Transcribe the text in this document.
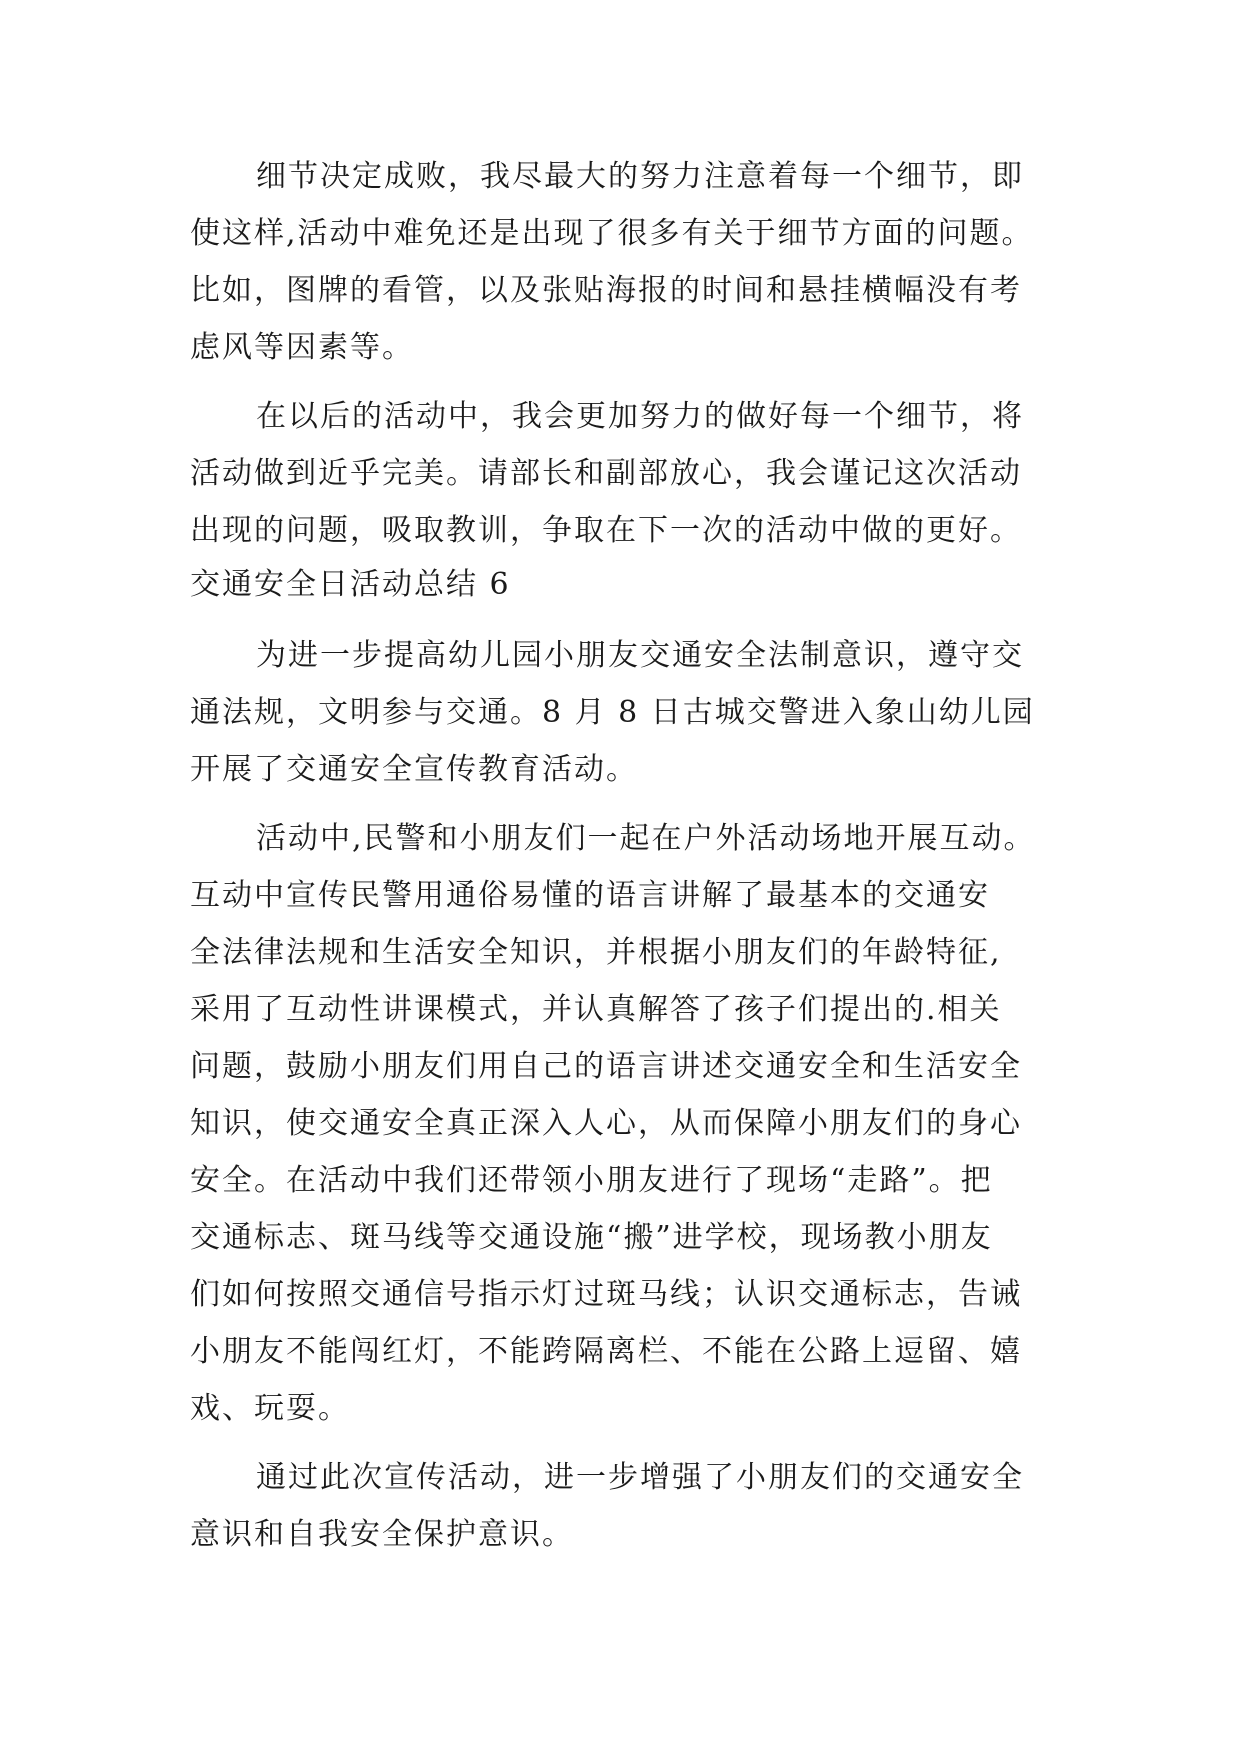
细节决定成败，我尽最大的努力注意着每一个细节，即
使这样,活动中难免还是出现了很多有关于细节方面的问题。
比如，图牌的看管，以及张贴海报的时间和悬挂横幅没有考
虑风等因素等。
在以后的活动中，我会更加努力的做好每一个细节，将
活动做到近乎完美。请部长和副部放心，我会谨记这次活动
出现的问题，吸取教训，争取在下一次的活动中做的更好。
交通安全日活动总结 6
为进一步提高幼儿园小朋友交通安全法制意识，遵守交
通法规，文明参与交通。8 月 8 日古城交警进入象山幼儿园
开展了交通安全宣传教育活动。
活动中,民警和小朋友们一起在户外活动场地开展互动。
互动中宣传民警用通俗易懂的语言讲解了最基本的交通安
全法律法规和生活安全知识，并根据小朋友们的年龄特征,
采用了互动性讲课模式，并认真解答了孩子们提出的.相关
问题，鼓励小朋友们用自己的语言讲述交通安全和生活安全
知识，使交通安全真正深入人心，从而保障小朋友们的身心
安全。在活动中我们还带领小朋友进行了现场“走路”。把
交通标志、斑马线等交通设施“搬”进学校，现场教小朋友
们如何按照交通信号指示灯过斑马线；认识交通标志，告诫
小朋友不能闯红灯，不能跨隔离栏、不能在公路上逗留、嬉
戏、玩耍。
通过此次宣传活动，进一步增强了小朋友们的交通安全
意识和自我安全保护意识。
